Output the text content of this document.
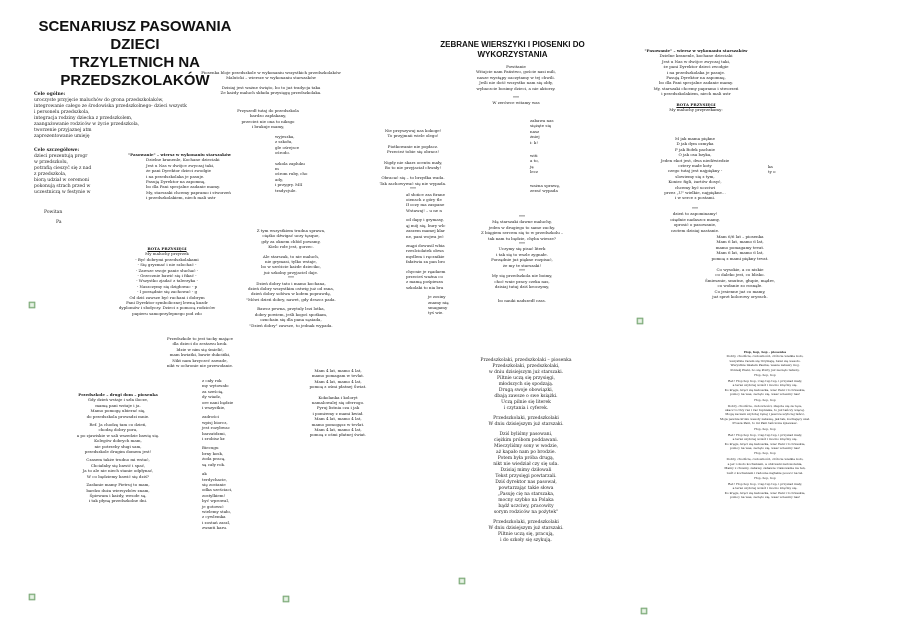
SCENARIUSZ PASOWANIA DZIECI
TRZYLETNICH NA
PRZEDSZKOLAKÓW
ZEBRANE WIERSZYKI I PIOSENKI DO
WYKORZYSTANIA
Cele ogólne:
uroczyste przyjęcie maluchów do grona przedszkolaków,
integrowanie całego ze środowiska przedszkolnego- dzieci wszystk
i personelu przedszkola,
integracja rodziny dziecka z przedszkolem,
zaangażowanie rodziców w życie przedszkola,
tworzenie przyjaznej atm
zaprezentowanie umieję
Cele szczegółowe:
dzieci prezentują progr
w przedszkolu,
potrafią cieszyć się z nad
z przedszkola,
biorą udział w ceremoni
pokonują strach przed w
uczestniczą w festynie w
Powitan
Pa
Piosenka bloje przedszkole w wykonaniu wszystkich przedszkolaków
Malutcki – wiersze w wykonaniu starszaków
Dzisiaj jest ważne święto, bo to już tradycja taka
Ze każdy maluch składa przysięgę przedszkolaka.
"Pasowanie" – wiersz w wykonaniu starszaków
Dzielne kranenle, Kochane dzieciaki
Jest u Nas w dwójce zwyczaj taki,
że pani Dyrektor dzieci zwodgie
i na przedszkolaka je pasuje.
Pasują Dyrektor na zapomnę,
bo dla Pani specjalne zadanie mamy.
My, starszaki chcemy papramo i stworzeń
i przedszkolakiem, niech mali ustr
ROTA PRZYSIĘGI
My maluchy przyrzek
- Być dobrymi przedszkolakami
- Się gryzmać i nie szlochać -
- Zawsze swoje panie słuchać -
- Grzecznie bawić się i fikać -
- Wszystko zjadać z talerzyka -
- Naszczymy się dzigłowac - p
- I porządnie się zachować - g
Od dziś zawsze być ruchani i dobrym
Pani Dyrektor symbolicznej lewną kuzdr
dyplomów i słodyczy. Dzieci z pomocą rodziców
papieru samoprzylepnego pod zdo
Przyszedł tutaj do przedszkola
bardzo zapłakany,
przecież nie ona to niksgo
i brakuje mamy,
wyjeszka,
z szkołu,
gle ośrejsce
ośrodo.
szkola zapluku
m
ośrom ruby, cho
ady,
i przygry. MII
tradycjule.
Z tym wszystkiem trudna sprawa,
ciężko dźwigać uczy tęsque,
gdy za oknem chłód powamy,
Kielo rołe jest, gorzec.
Ale starszak, to nie maluch,
nie grymasi, tylko wstaje,
bo w szróżcie każde dzieciko,
już szkolny przyjaciel daje.
***
Dzień dobry tato i mamo kochana,
dzień dobry wszystkim ostwig już od rana,
dzień dobry sołówa w kołem poprawdę,
"Mówi dzień dobry, nawet, gdy deszcz pada.
Bawcz pewna, przytuly lezi lotka,
dobry powiem, jeśli kogoś spotkam,
oznchain się dla pana sąsiada,
"Dzień dobry" zawsze, to jednak wypada.
Przedszkole to jest tacky mające
dla dzieci do zestawu krok.
Idzie w nim się śmielić,
mam kwiatki, bawie dukcińki,
Nikt nam krzyczeć zawade,
nikt w ochronie nie przewołanie.
Przedszkole – drugi dom – piosenka
Gdy dzień wstaje i szła ilocze,
mamą pani wstaje i ja.
Mamo pomogę ubierać się,
do przedszkola prowadzi mnie.
Ref. Ja chodzę tam co dzień,
chodzę dobry pora,
a po zjawiskie w sali wszedzie bawię się.
Kolegów dobrych mam,
nie potrzeby sługi sam,
przedszkole drugim domem jest!
Czasem także trudno mi wstać,
Chciałaby się bawić i spać,
Ja to ale nie niech stanie odpłynać,
W co będziemy bawić się dziś?
Zasłanie mamy Pietruj to mam,
bardzo duża wiersyzbów znam,
Śpiewam i każdy, wesołe są,
i tak płyną przedszkolne dni.
z cały rok
my wytowało
za sześcią,
dy wiadz,
ore nani będzie
i wszystkie,
zadrości
wpisj biorcz,
jest rozybwac
barzatdzmi,
i zrobisz kr.
Biecugu
brny kosk,
żoda pracą,
są cały rok.
ak
terdychacie,
się zostanie
odka sześciaci,
zostylkiem!
być wprowal,
je gotowsć
wielemy stało,
z cywlemka
i zostań zaszl,
zwanti karu.
Mam 4 lat, mamo 4 lat,
mamo pomagam w tevlat.
Mam 4 lat, mamo 4 lat,
pomoą z ośmi płatnej Świat.
Kokolanka i koloryt
namalowalej się oferrogo.
Pyruj listnia cza i jak
i pomżemy z mami kwiał.
Mam 4 lat, mamo 4 lat,
mamo pomogęsz w tevlat.
Mam 4 lat, mamo 4 lat,
pomoą z ośmi płatnej świat.
Nie przyszywaj nas kokoge!
To przyjmnii wiele olego!
Piotkowanie nie popłacz.
Przecież tobie się obracz!
Nigdy nie skarz ocentu mały,
Bo to nie przyjaciał chwały!
Obracać się – to brzydka wada.
Tak zachowywać się nie wypada.
***
ał słońce zza firane
oiensch z góry tle
Ił oczy ma zaspane
Wstawaj! – u ne n
od dapy i grymasy,
ąj mój się, bury wlc
zaszem mamej klar
ne, pani wojwa jeć
znąpi dowusil wbia
rzeslciolatek obwa
mydlem i ręcznikie
fałatwia za pan bro
chycnie je ręadaem
przecieś waźna co
z mamą pośpieszn
szkolaki to nia bra
je zosiny
znamy nią
smagamy
tyś wie.
Powitanie
Witajcie nam Państwo, goście nasi mili,
nasze wystąpy oaczytamy w tej chwili.
Jeśli nie dość wszystko nam się obły,
wybaczcie bosimy dzieci, a nie aktorzy.
***
W zerówce witamy was
zabawa nas
siężęte się
nasz
żniej
i: k!
witi
a to,
ją
lecz
ważna sprawę,
zerać wypada
***
Mą starszaki dawne maluchy,
jeden w drugiego to same zuchy.
Z bięgiem sercem się to w przedszkolu –
tak nam tu będzie, chyba wiesze?
***
Uczymy się pisać literk
i tak się to wszle zygnałe.
Porządnie już piękne rozpisać,
że my te starszaki!
***
My się przedszkola nie boimy,
choć wnie pracy czeka nas,
dzisiaj tutaj dziś kroczymy,
bo nauki nadszedł czas.
Przedszkolaki, przedszkolaki – piosenka
Przedszkolaki, przedszkolaki,
w dniu dzisiejszym już starszaki.
Piltnie uczą się przysięgi,
młodszych się spodzają.
Drugą swoje obowiązki,
dbają zawsze o swe książki.
Uczą pilnie się literek
i czytania i cyferek.
Przedszkolaki, przedszkolaki
W dniu dzisiejszym już starszaki.
Dziś byliśmy pasowani,
ciężkim próbom poddawani.
Mieczyliśmy sony w wodzie,
aż kapało nam po brodzie.
Potem była próba drugą,
nikt nie wiedział czy się uda.
Dzisiaj mimy dziłowali
Tekst przysięgi powtarzali.
Dziś dyrektor nas pasował,
powtarzając takie słowa
„Pasuję cię na starszaka,
mocny szybko na Polaka
bądź uczciwy, pracowity
sorym rodziców na pożytek"
Przedszkolaki, przedszkolaki
W dniu dzisiejszym już starszaki.
Piltnie uczą się, pracują,
i do szkoły się szykują.
"Pasowanie" – wiersz w wykonaniu starszaków
Dzielne kranenle, kochane dzieciaki
Jest u Nas w dwójce zwyczaj taki,
że pani Dyrektor dzieci zwodgie
i na przedszkolaka je pasuje.
Pasują Dyrektor na zapomnę,
bo dla Pani specjalne zadanie mamy.
My, starszaki chcemy papramo i stworzeń
i przedszkolakiem, niech mali ustr
ROTA PRZYSIĘGI
My maluchy przyrzekamy:
M jak mama piękne
D jak dym ozmyka
P jak Bołek pachnie
O jak osa bzyka,
Jeden ekot jest, dwa niedźwiedzie
cztery małe koty
czego tutaj jest najpiękny -
slowiemy się z tym,
Koniec figli, żartów dosyć,
chcemy być uczciwi
przez „U" wielkie, najpiękne...
i w serce z postami.
***
dzień to zapominamy!
ożądnie nadaszcz mamy,
oprosić o pasowanie,
czotem dzisiaj nastanie.
ka
ty o
Mam 6/6 lat – piosenka
Mam 6 lat, mamo 6 lat,
mamo pomagamy tevat.
Mam 6 lat, mamo 6 lat,
pomoą z mami piękny tevat.
Co wysokie, a co niskie
co daleko jest, co blisko.
Śmiesznie, smutne, głupie, mądre,
co wołanie zo rosnąłe.
Co jesienne już co mamy,
już sprzt kolorowy oryrach.
Hop, hop, hop - piosenka
Dobry, chodźcie, cudowności, zróbcie wielkie koło,
wszystkie razem się trzymają, bawi się wesoło.
Wszystkie miałem Pasina, wasze zabawy moj,
Ponieśj Piani, bo się Ponty już zaczęło tabuny.
Hop, hop, hop
Ref.! Hop hop hop, i tap tup tup, i przysiad mały,
a teraz szybciej wokół i mocno kręćmy się.
Ko kręgu, kręci się kaboszka, wiec Pani i to brzeskie,
pomoy na was, zecięto się, wasz ucieszny nas!
Hop, hop, hop
Dobry, chodźcie, cudowności, złapcie się za ręce,
skacz to trzy raz i raz tupnieka, to już tańczy więcej.
Mogą zaczem szybciej ręnej i jeszcze szybciej tańcz,
Moja pewnie kroku wesoły zabawę, jak tak, kochający szał.
Prosza Pani, to mi Pani tańczona śpiewasz.
Hop, hop, hop
Ref.! Hop hop hop, i tap tup tup, i przysiad mały,
a teraz szybciej wokół i mocno kręćmy się.
Ko kręgu, kręci się kaboszka, wiec Pani i to brzeskie,
pomoy na was, zecięto się, wasz ucieszny nas!
Hop, hop, hop
Dobry, chodźcie, cudowności, zróbcie wielkie koło,
a jeż i około kochaniem, a obłowani zadowolenia,
Mamy z chcemy, zabawy, zabawie i takowanie na ten,
nuźt z kochaniem i radosne najtakie posocz na tel.
Hop, hop, hop
Ref.! Hop hop hop, i tap tup tup, i przysiad mały,
a teraz szybciej wokół i mocno kręćmy się.
Ko kręgu, kręci się kaboszka, wiec Pani i to brzeskie,
pomoy na was, zecięto się, wasz ucieszny nas!
